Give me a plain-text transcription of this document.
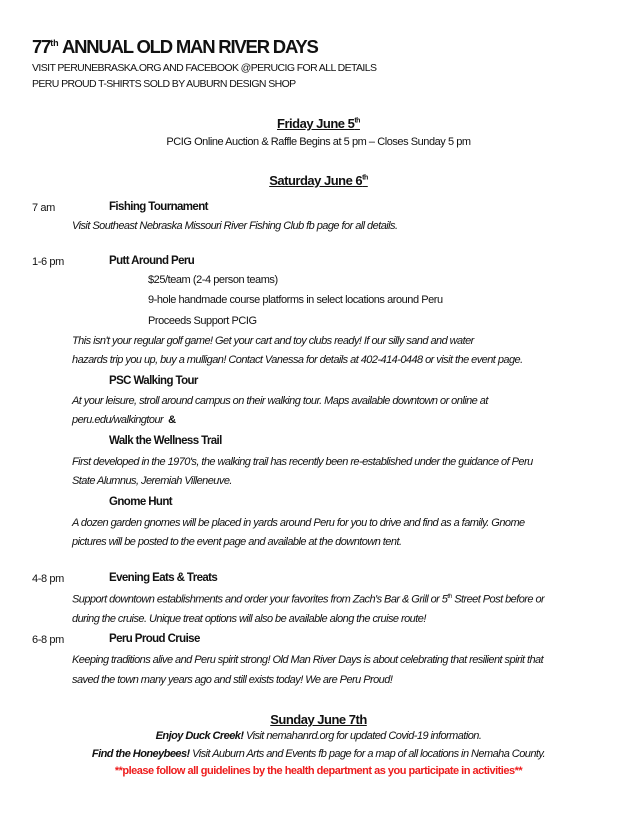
77th ANNUAL OLD MAN RIVER DAYS
VISIT PERUNEBRASKA.ORG AND FACEBOOK @PERUCIG FOR ALL DETAILS
PERU PROUD T-SHIRTS SOLD BY AUBURN DESIGN SHOP
Friday June 5th
PCIG Online Auction & Raffle Begins at 5 pm – Closes Sunday 5 pm
Saturday June 6th
7 am	Fishing Tournament
Visit Southeast Nebraska Missouri River Fishing Club fb page for all details.
1-6 pm	Putt Around Peru
$25/team (2-4 person teams)
9-hole handmade course platforms in select locations around Peru
Proceeds Support PCIG
This isn't your regular golf game! Get your cart and toy clubs ready! If our silly sand and water
hazards trip you up, buy a mulligan! Contact Vanessa for details at 402-414-0448 or visit the event page.
PSC Walking Tour
At your leisure, stroll around campus on their walking tour. Maps available downtown or online at
peru.edu/walkingtour &
Walk the Wellness Trail
First developed in the 1970's, the walking trail has recently been re-established under the guidance of Peru
State Alumnus, Jeremiah Villeneuve.
Gnome Hunt
A dozen garden gnomes will be placed in yards around Peru for you to drive and find as a family. Gnome
pictures will be posted to the event page and available at the downtown tent.
4-8 pm	Evening Eats & Treats
Support downtown establishments and order your favorites from Zach's Bar & Grill or 5th Street Post before or
during the cruise. Unique treat options will also be available along the cruise route!
6-8 pm	Peru Proud Cruise
Keeping traditions alive and Peru spirit strong! Old Man River Days is about celebrating that resilient spirit that
saved the town many years ago and still exists today! We are Peru Proud!
Sunday June 7th
Enjoy Duck Creek! Visit nemahanrd.org for updated Covid-19 information.
Find the Honeybees! Visit Auburn Arts and Events fb page for a map of all locations in Nemaha County.
**please follow all guidelines by the health department as you participate in activities**
